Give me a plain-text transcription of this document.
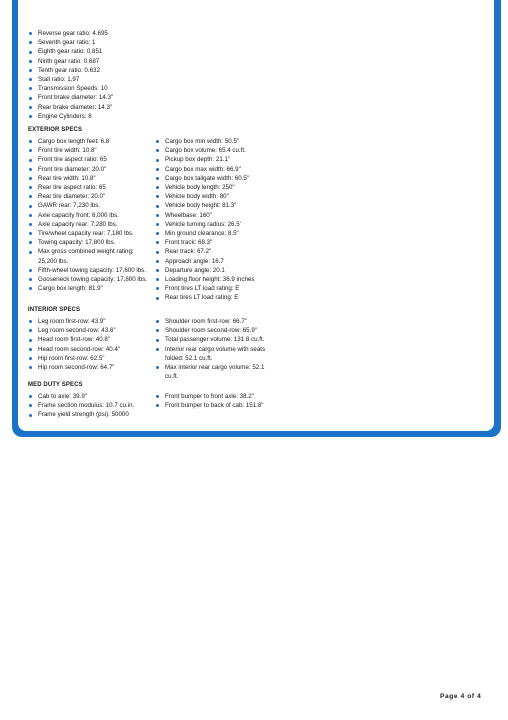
Reverse gear ratio: 4.695
Seventh gear ratio: 1
Eighth gear ratio: 0.851
Ninth gear ratio: 0.687
Tenth gear ratio: 0.632
Stall ratio: 1.97
Transmission Speeds: 10
Front brake diameter: 14.3"
Rear brake diameter: 14.3"
Engine Cylinders: 8
EXTERIOR SPECS
Cargo box length feet: 6.8
Front tire width: 10.8"
Front tire aspect ratio: 65
Front tire diameter: 20.0"
Rear tire width: 10.8"
Rear tire aspect ratio: 65
Rear tire diameter: 20.0"
GAWR rear: 7,230 lbs.
Axle capacity front: 6,000 lbs.
Axle capacity rear: 7,280 lbs.
Tire/wheel capacity rear: 7,180 lbs.
Towing capacity: 17,800 lbs.
Max gross combined weight rating: 25,200 lbs.
Fifth-wheel towing capacity: 17,600 lbs.
Gooseneck towing capacity: 17,800 lbs.
Cargo box length: 81.9"
Cargo box min width: 50.5"
Cargo box volume: 65.4 cu.ft.
Pickup box depth: 21.1"
Cargo box max width: 66.9"
Cargo box tailgate width: 60.5"
Vehicle body length: 250"
Vehicle body width: 80"
Vehicle body height: 81.3"
Wheelbase: 160"
Vehicle turning radius: 26.5'
Min ground clearance: 8.5"
Front track: 68.3"
Rear track: 67.2"
Approach angle: 16.7
Departure angle: 20.1
Loading floor height: 36.9 inches
Front tires LT load rating: E
Rear tires LT load rating: E
INTERIOR SPECS
Leg room first-row: 43.9"
Leg room second-row: 43.6"
Head room first-row: 40.8"
Head room second-row: 40.4"
Hip room first-row: 62.5"
Hip room second-row: 64.7"
Shoulder room first-row: 66.7"
Shoulder room second-row: 65.9"
Total passenger volume: 131.8 cu.ft.
Interior rear cargo volume with seats folded: 52.1 cu.ft.
Max interior rear cargo volume: 52.1 cu.ft.
MED DUTY SPECS
Cab to axle: 39.9"
Frame section modulus: 10.7 cu.in.
Frame yield strength (psi): 50000
Front bumper to front axle: 38.2"
Front bumper to back of cab: 151.8"
Page 4 of 4
